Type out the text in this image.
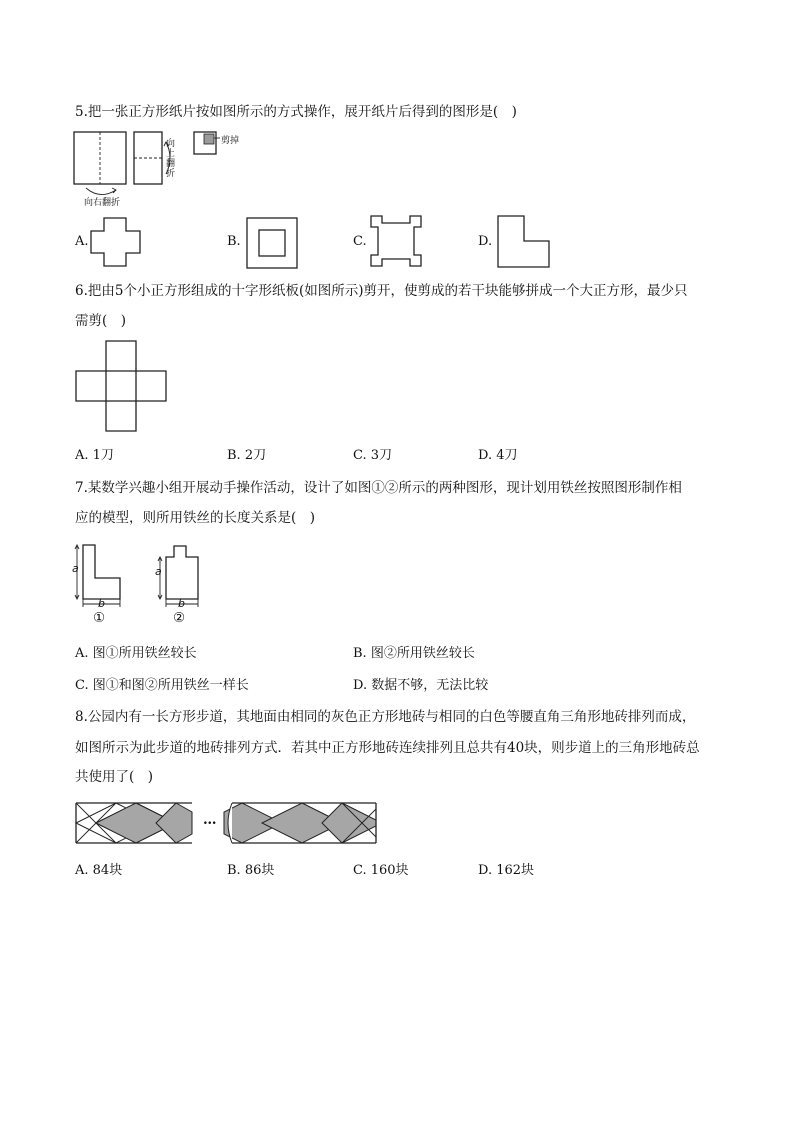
5.把一张正方形纸片按如图所示的方式操作，展开纸片后得到的图形是(　)
向右翻折
向上翻折
剪掉
A.	B.	C.	D.
6.把由5个小正方形组成的十字形纸板(如图所示)剪开，使剪成的若干块能够拼成一个大正方形，最少只
需剪(　)
A. 1刀	B. 2刀	C. 3刀	D. 4刀
7.某数学兴趣小组开展动手操作活动，设计了如图①②所示的两种图形，现计划用铁丝按照图形制作相
应的模型，则所用铁丝的长度关系是(　)
a
b
①
a
b
②
A. 图①所用铁丝较长	B. 图②所用铁丝较长
C. 图①和图②所用铁丝一样长	D. 数据不够，无法比较
8.公园内有一长方形步道，其地面由相同的灰色正方形地砖与相同的白色等腰直角三角形地砖排列而成，
如图所示为此步道的地砖排列方式．若其中正方形地砖连续排列且总共有40块，则步道上的三角形地砖总
共使用了(　)
…
A. 84块	B. 86块	C. 160块	D. 162块
